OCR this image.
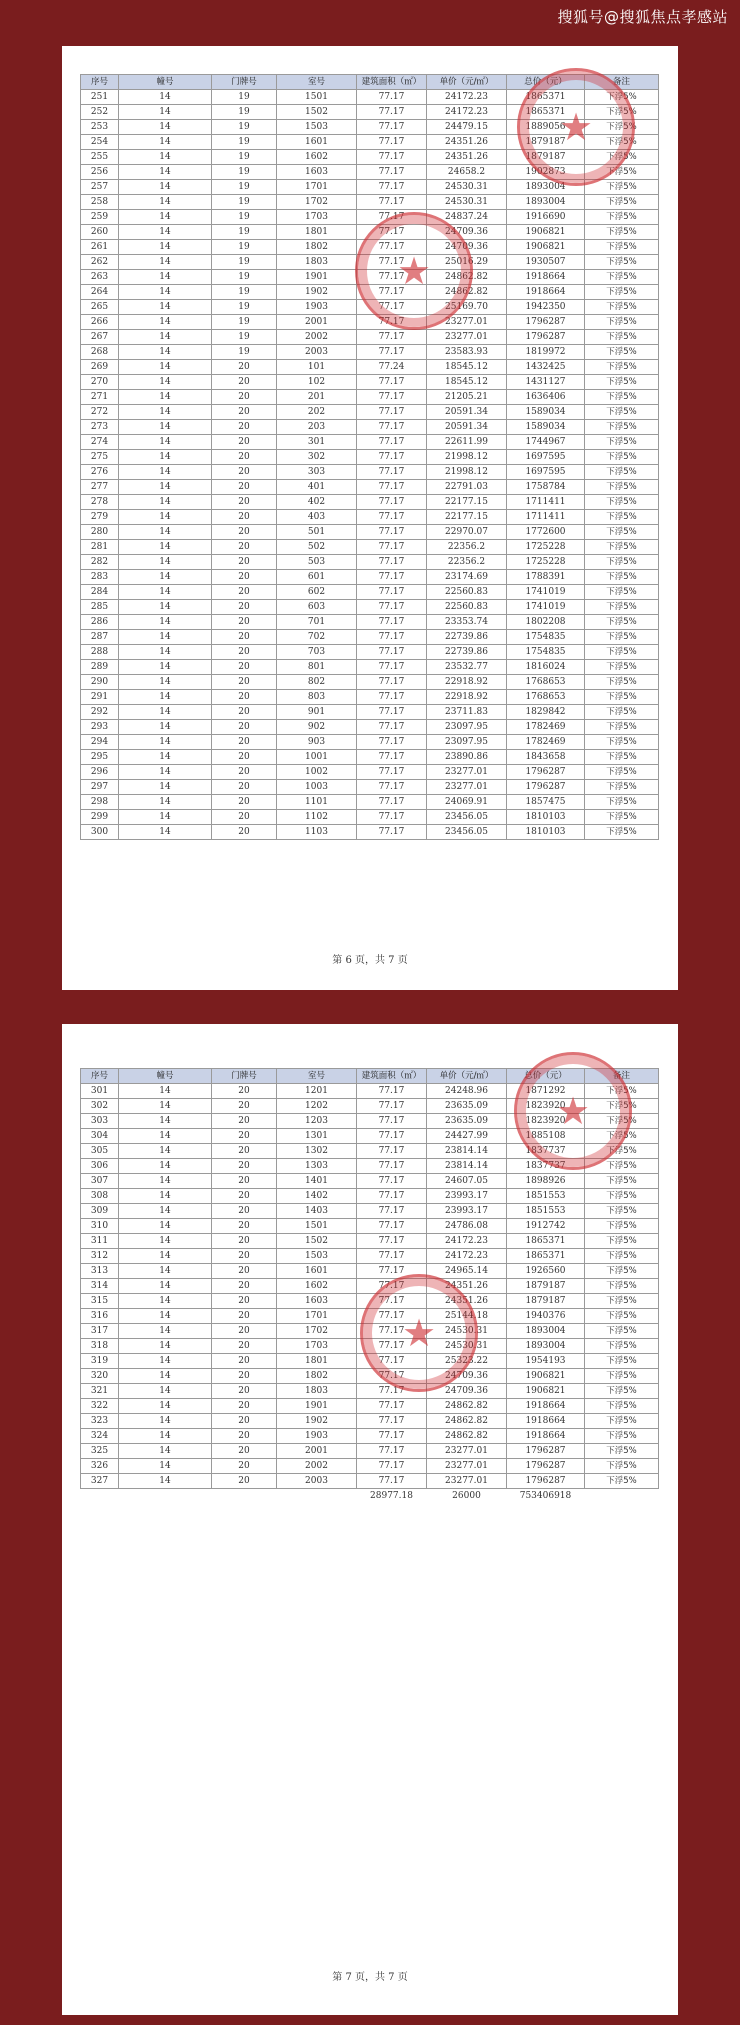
搜狐号@搜狐焦点孝感站
序号	幢号	门牌号	室号	建筑面积（㎡）	单价（元/㎡）	总价（元）	备注
251	14	19	1501	77.17	24172.23	1865371	下浮5%
252	14	19	1502	77.17	24172.23	1865371	下浮5%
253	14	19	1503	77.17	24479.15	1889056	下浮5%
254	14	19	1601	77.17	24351.26	1879187	下浮5%
255	14	19	1602	77.17	24351.26	1879187	下浮5%
256	14	19	1603	77.17	24658.2	1902873	下浮5%
257	14	19	1701	77.17	24530.31	1893004	下浮5%
258	14	19	1702	77.17	24530.31	1893004	下浮5%
259	14	19	1703	77.17	24837.24	1916690	下浮5%
260	14	19	1801	77.17	24709.36	1906821	下浮5%
261	14	19	1802	77.17	24709.36	1906821	下浮5%
262	14	19	1803	77.17	25016.29	1930507	下浮5%
263	14	19	1901	77.17	24862.82	1918664	下浮5%
264	14	19	1902	77.17	24862.82	1918664	下浮5%
265	14	19	1903	77.17	25169.70	1942350	下浮5%
266	14	19	2001	77.17	23277.01	1796287	下浮5%
267	14	19	2002	77.17	23277.01	1796287	下浮5%
268	14	19	2003	77.17	23583.93	1819972	下浮5%
269	14	20	101	77.24	18545.12	1432425	下浮5%
270	14	20	102	77.17	18545.12	1431127	下浮5%
271	14	20	201	77.17	21205.21	1636406	下浮5%
272	14	20	202	77.17	20591.34	1589034	下浮5%
273	14	20	203	77.17	20591.34	1589034	下浮5%
274	14	20	301	77.17	22611.99	1744967	下浮5%
275	14	20	302	77.17	21998.12	1697595	下浮5%
276	14	20	303	77.17	21998.12	1697595	下浮5%
277	14	20	401	77.17	22791.03	1758784	下浮5%
278	14	20	402	77.17	22177.15	1711411	下浮5%
279	14	20	403	77.17	22177.15	1711411	下浮5%
280	14	20	501	77.17	22970.07	1772600	下浮5%
281	14	20	502	77.17	22356.2	1725228	下浮5%
282	14	20	503	77.17	22356.2	1725228	下浮5%
283	14	20	601	77.17	23174.69	1788391	下浮5%
284	14	20	602	77.17	22560.83	1741019	下浮5%
285	14	20	603	77.17	22560.83	1741019	下浮5%
286	14	20	701	77.17	23353.74	1802208	下浮5%
287	14	20	702	77.17	22739.86	1754835	下浮5%
288	14	20	703	77.17	22739.86	1754835	下浮5%
289	14	20	801	77.17	23532.77	1816024	下浮5%
290	14	20	802	77.17	22918.92	1768653	下浮5%
291	14	20	803	77.17	22918.92	1768653	下浮5%
292	14	20	901	77.17	23711.83	1829842	下浮5%
293	14	20	902	77.17	23097.95	1782469	下浮5%
294	14	20	903	77.17	23097.95	1782469	下浮5%
295	14	20	1001	77.17	23890.86	1843658	下浮5%
296	14	20	1002	77.17	23277.01	1796287	下浮5%
297	14	20	1003	77.17	23277.01	1796287	下浮5%
298	14	20	1101	77.17	24069.91	1857475	下浮5%
299	14	20	1102	77.17	23456.05	1810103	下浮5%
300	14	20	1103	77.17	23456.05	1810103	下浮5%
★
★
第 6 页，共 7 页
序号	幢号	门牌号	室号	建筑面积（㎡）	单价（元/㎡）	总价（元）	备注
301	14	20	1201	77.17	24248.96	1871292	下浮5%
302	14	20	1202	77.17	23635.09	1823920	下浮5%
303	14	20	1203	77.17	23635.09	1823920	下浮5%
304	14	20	1301	77.17	24427.99	1885108	下浮5%
305	14	20	1302	77.17	23814.14	1837737	下浮5%
306	14	20	1303	77.17	23814.14	1837737	下浮5%
307	14	20	1401	77.17	24607.05	1898926	下浮5%
308	14	20	1402	77.17	23993.17	1851553	下浮5%
309	14	20	1403	77.17	23993.17	1851553	下浮5%
310	14	20	1501	77.17	24786.08	1912742	下浮5%
311	14	20	1502	77.17	24172.23	1865371	下浮5%
312	14	20	1503	77.17	24172.23	1865371	下浮5%
313	14	20	1601	77.17	24965.14	1926560	下浮5%
314	14	20	1602	77.17	24351.26	1879187	下浮5%
315	14	20	1603	77.17	24351.26	1879187	下浮5%
316	14	20	1701	77.17	25144.18	1940376	下浮5%
317	14	20	1702	77.17	24530.31	1893004	下浮5%
318	14	20	1703	77.17	24530.31	1893004	下浮5%
319	14	20	1801	77.17	25323.22	1954193	下浮5%
320	14	20	1802	77.17	24709.36	1906821	下浮5%
321	14	20	1803	77.17	24709.36	1906821	下浮5%
322	14	20	1901	77.17	24862.82	1918664	下浮5%
323	14	20	1902	77.17	24862.82	1918664	下浮5%
324	14	20	1903	77.17	24862.82	1918664	下浮5%
325	14	20	2001	77.17	23277.01	1796287	下浮5%
326	14	20	2002	77.17	23277.01	1796287	下浮5%
327	14	20	2003	77.17	23277.01	1796287	下浮5%
				28977.18	26000	753406918	
★
★
第 7 页，共 7 页
